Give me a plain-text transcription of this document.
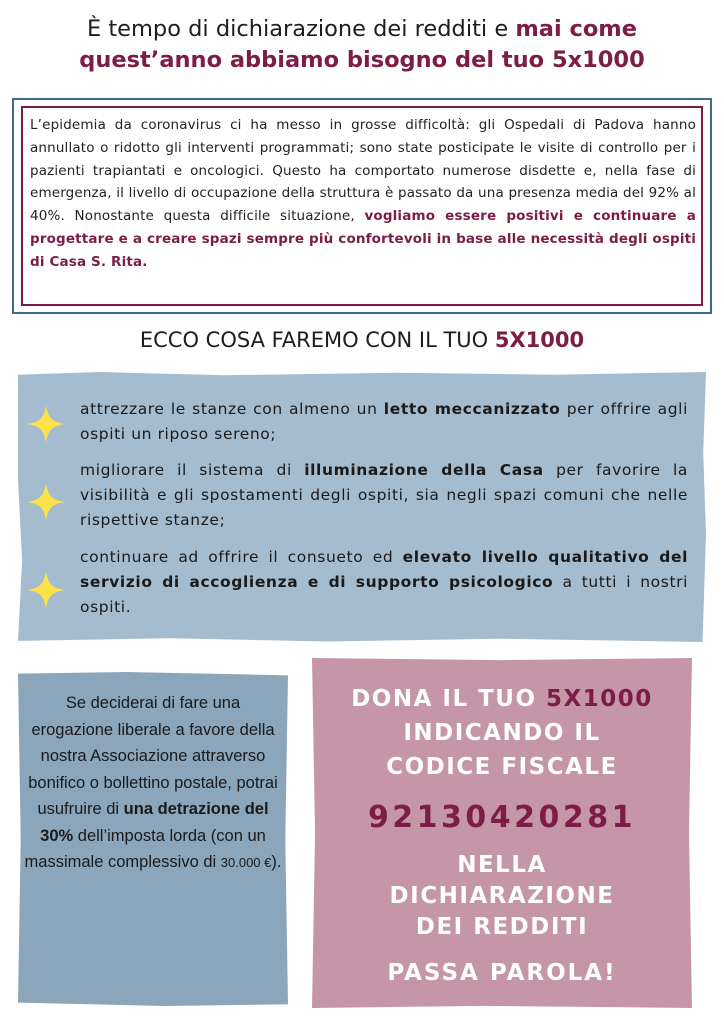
È tempo di dichiarazione dei redditi e mai come
quest’anno abbiamo bisogno del tuo 5x1000
L’epidemia da coronavirus ci ha messo in grosse difficoltà: gli Ospedali di Padova hanno annullato o ridotto gli interventi programmati; sono state posticipate le visite di controllo per i pazienti trapiantati e oncologici. Questo ha comportato numerose disdette e, nella fase di emergenza, il livello di occupazione della struttura è passato da una presenza media del 92% al 40%. Nonostante questa difficile situazione, vogliamo essere positivi e continuare a progettare e a creare spazi sempre più confortevoli in base alle necessità degli ospiti di Casa S. Rita.
ECCO COSA FAREMO CON IL TUO 5X1000
attrezzare le stanze con almeno un letto meccanizzato per offrire agli ospiti un riposo sereno;
migliorare il sistema di illuminazione della Casa per favorire la visibilità e gli spostamenti degli ospiti, sia negli spazi comuni che nelle rispettive stanze;
continuare ad offrire il consueto ed elevato livello qualitativo del servizio di accoglienza e di supporto psicologico a tutti i nostri ospiti.
Se deciderai di fare una erogazione liberale a favore della nostra Associazione attraverso bonifico o bollettino postale, potrai usufruire di una detrazione del 30% dell’imposta lorda (con un massimale complessivo di 30.000 €).
DONA IL TUO 5X1000
INDICANDO IL
CODICE FISCALE
92130420281
NELLA
DICHIARAZIONE
DEI REDDITI
PASSA PAROLA!
